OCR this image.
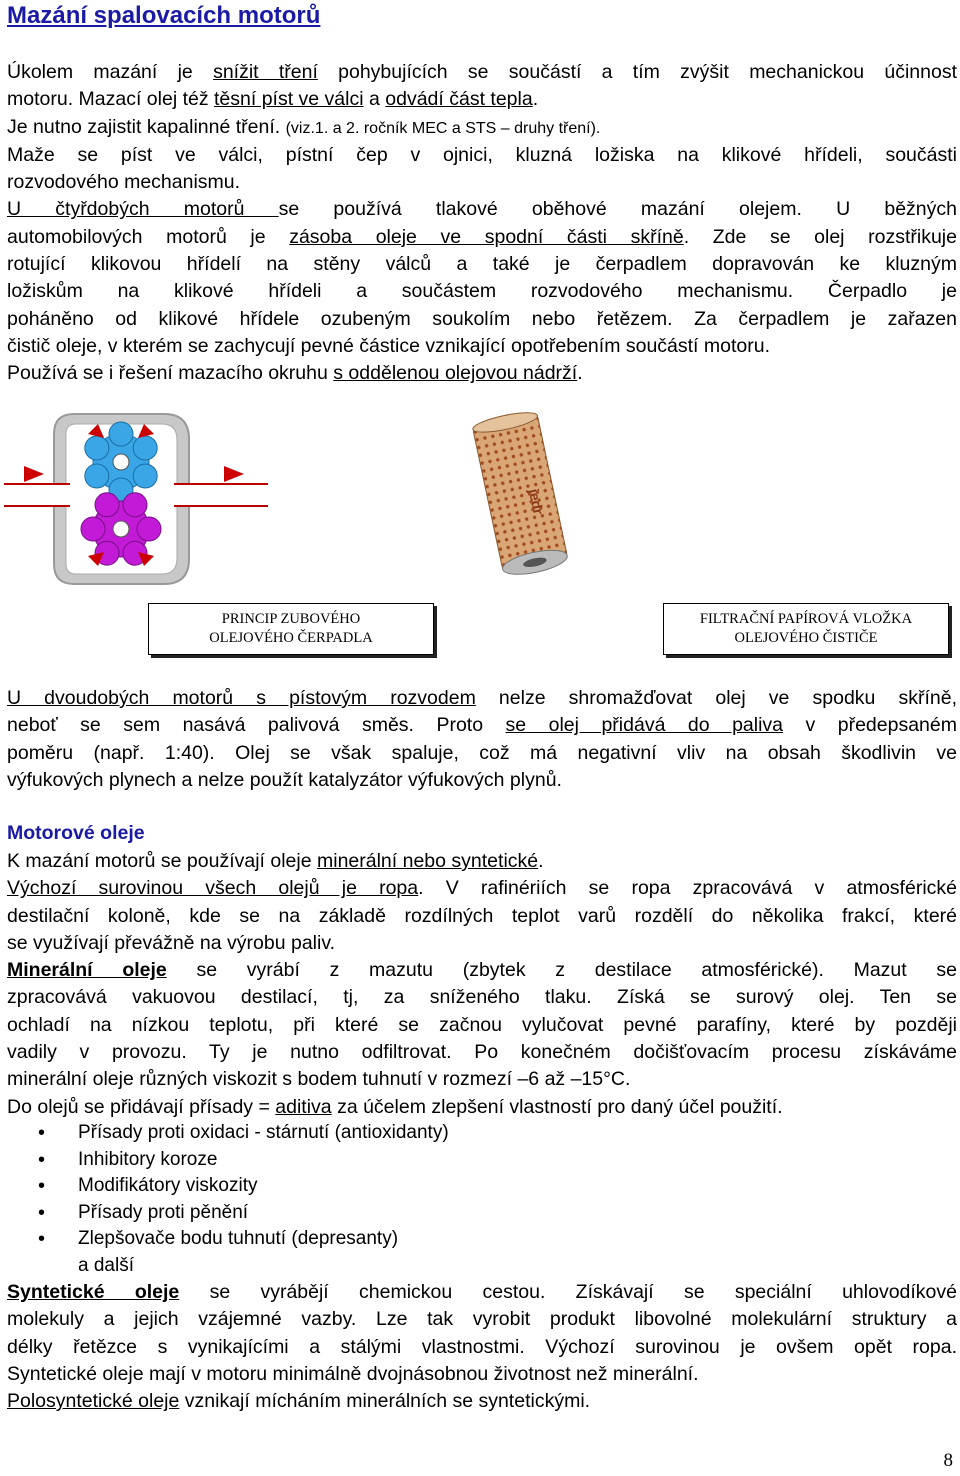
Mazání spalovacích motorů
Úkolem mazání je snížit tření pohybujících se součástí a tím zvýšit mechanickou účinnost
motoru. Mazací olej též těsní píst ve válci a odvádí část tepla.
Je nutno zajistit kapalinné tření. (viz.1. a 2. ročník MEC a STS – druhy tření).
Maže se píst ve válci, pístní čep v ojnici, kluzná ložiska na klikové hřídeli, součásti
rozvodového mechanismu.
U čtyřdobých motorů se používá tlakové oběhové mazání olejem. U běžných
automobilových motorů je zásoba oleje ve spodní části skříně. Zde se olej rozstřikuje
rotující klikovou hřídelí na stěny válců a také je čerpadlem dopravován ke kluzným
ložiskům na klikové hřídeli a součástem rozvodového mechanismu. Čerpadlo je
poháněno od klikové hřídele ozubeným soukolím nebo řetězem. Za čerpadlem je zařazen
čistič oleje, v kterém se zachycují pevné částice vznikající opotřebením součástí motoru.
Používá se i řešení mazacího okruhu s oddělenou olejovou nádrží.
jedr
PRINCIP ZUBOVÉHO
OLEJOVÉHO ČERPADLA
FILTRAČNÍ PAPÍROVÁ VLOŽKA
OLEJOVÉHO ČISTIČE
U dvoudobých motorů s pístovým rozvodem nelze shromažďovat olej ve spodku skříně,
neboť se sem nasává palivová směs. Proto se olej přidává do paliva v předepsaném
poměru (např. 1:40). Olej se však spaluje, což má negativní vliv na obsah škodlivin ve
výfukových plynech a nelze použít katalyzátor výfukových plynů.
Motorové oleje
K mazání motorů se používají oleje minerální nebo syntetické.
Výchozí surovinou všech olejů je ropa. V rafinériích se ropa zpracovává v atmosférické
destilační koloně, kde se na základě rozdílných teplot varů rozdělí do několika frakcí, které
se využívají převážně na výrobu paliv.
Minerální oleje se vyrábí z mazutu (zbytek z destilace atmosférické). Mazut se
zpracovává vakuovou destilací, tj, za sníženého tlaku. Získá se surový olej. Ten se
ochladí na nízkou teplotu, při které se začnou vylučovat pevné parafíny, které by později
vadily v provozu. Ty je nutno odfiltrovat. Po konečném dočišťovacím procesu získáváme
minerální oleje různých viskozit s bodem tuhnutí v rozmezí –6 až –15°C.
Do olejů se přidávají přísady = aditiva za účelem zlepšení vlastností pro daný účel použití.
• Přísady proti oxidaci - stárnutí (antioxidanty)
• Inhibitory koroze
• Modifikátory viskozity
• Přísady proti pěnění
• Zlepšovače bodu tuhnutí (depresanty)
a další
Syntetické oleje se vyrábějí chemickou cestou. Získávají se speciální uhlovodíkové
molekuly a jejich vzájemné vazby. Lze tak vyrobit produkt libovolné molekulární struktury a
délky řetězce s vynikajícími a stálými vlastnostmi. Výchozí surovinou je ovšem opět ropa.
Syntetické oleje mají v motoru minimálně dvojnásobnou životnost než minerální.
Polosyntetické oleje vznikají mícháním minerálních se syntetickými.
8
